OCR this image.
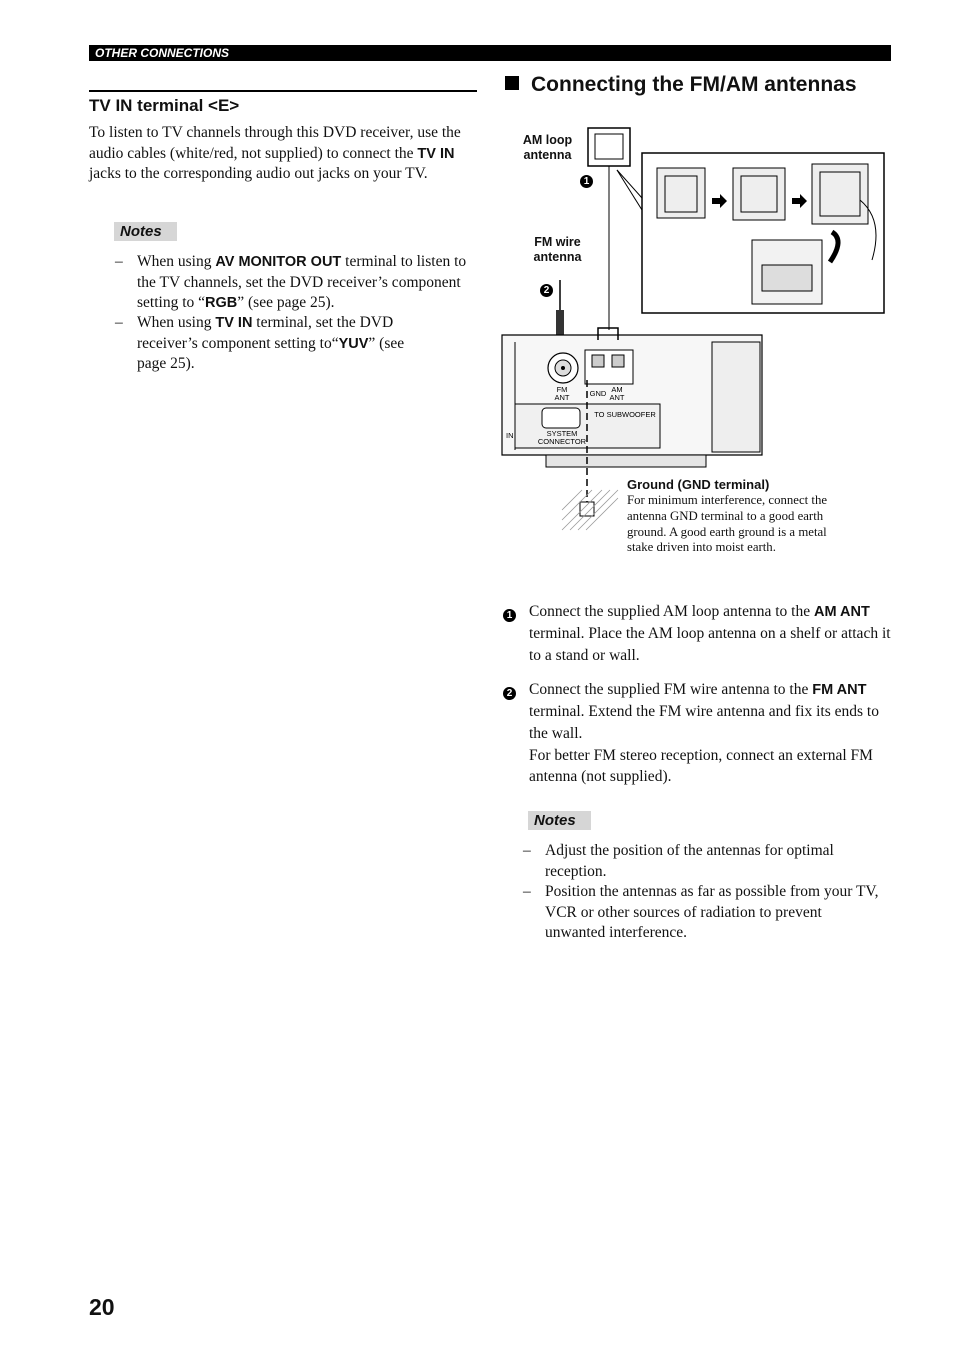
OTHER CONNECTIONS
TV IN terminal <E>
To listen to TV channels through this DVD receiver, use the audio cables (white/red, not supplied) to connect the TV IN jacks to the corresponding audio out jacks on your TV.
Notes
– When using AV MONITOR OUT terminal to listen to the TV channels, set the DVD receiver’s component setting to “RGB” (see page 25).
– When using TV IN terminal, set the DVD receiver’s component setting to“YUV” (see page 25).
Connecting the FM/AM antennas
AM loop antenna
1
FM wire antenna
2
FM
ANT	GND AM
ANT
SYSTEM
CONNECTOR
TO SUBWOOFER
IN
Ground (GND terminal)
For minimum interference, connect the antenna GND terminal to a good earth ground. A good earth ground is a metal stake driven into moist earth.
1 Connect the supplied AM loop antenna to the AM ANT terminal. Place the AM loop antenna on a shelf or attach it to a stand or wall.
2 Connect the supplied FM wire antenna to the FM ANT terminal. Extend the FM wire antenna and fix its ends to the wall.
For better FM stereo reception, connect an external FM antenna (not supplied).
Notes
– Adjust the position of the antennas for optimal reception.
– Position the antennas as far as possible from your TV, VCR or other sources of radiation to prevent unwanted interference.
20
